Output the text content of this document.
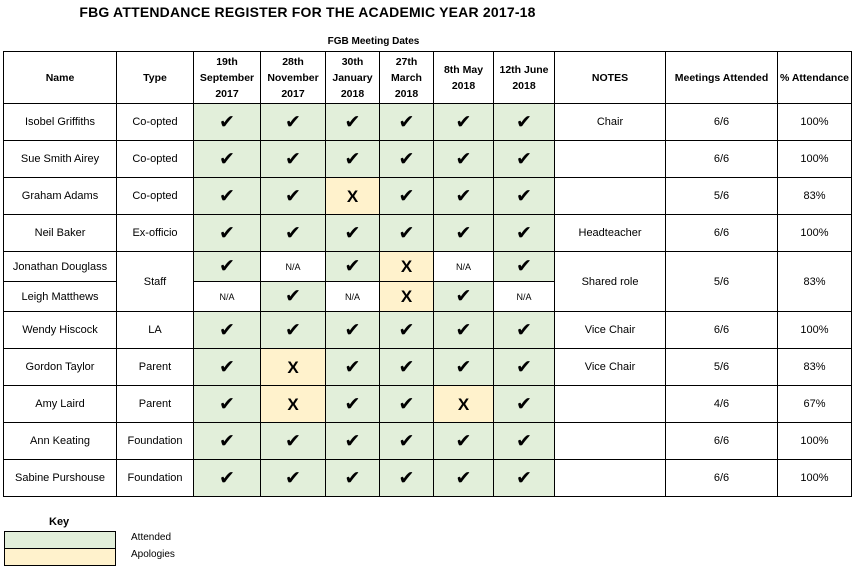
FBG ATTENDANCE REGISTER FOR THE ACADEMIC YEAR 2017-18
FGB Meeting Dates
Name	Type	19th September 2017	28th November 2017	30th January 2018	27th March 2018	8th May 2018	12th June 2018	NOTES	Meetings Attended	% Attendance
Isobel Griffiths	Co-opted	✔	✔	✔	✔	✔	✔	Chair	6/6	100%
Sue Smith Airey	Co-opted	✔	✔	✔	✔	✔	✔		6/6	100%
Graham Adams	Co-opted	✔	✔	X	✔	✔	✔		5/6	83%
Neil Baker	Ex-officio	✔	✔	✔	✔	✔	✔	Headteacher	6/6	100%
Jonathan Douglass	Staff	✔	N/A	✔	X	N/A	✔	Shared role	5/6	83%
Leigh Matthews		N/A	✔	N/A	X	✔	N/A			
Wendy Hiscock	LA	✔	✔	✔	✔	✔	✔	Vice Chair	6/6	100%
Gordon Taylor	Parent	✔	X	✔	✔	✔	✔	Vice Chair	5/6	83%
Amy Laird	Parent	✔	X	✔	✔	X	✔		4/6	67%
Ann Keating	Foundation	✔	✔	✔	✔	✔	✔		6/6	100%
Sabine Purshouse	Foundation	✔	✔	✔	✔	✔	✔		6/6	100%
Key
Attended
Apologies
